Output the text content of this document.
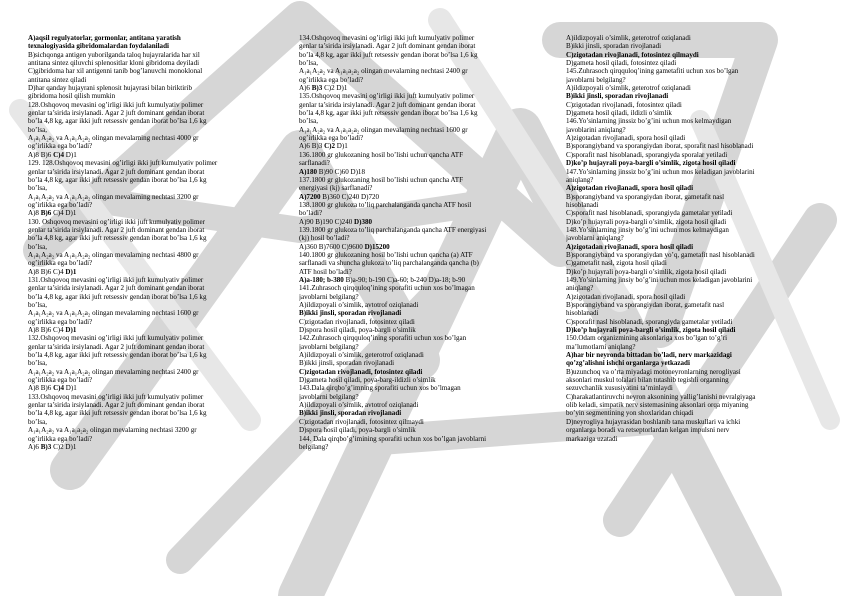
A)aqsil regulyatorlar, gormonlar, antitana yaratish
texnalogiyasida gibridomalardan foydalaniladi
B)sichqonga antigen yuborilganda taloq hujayralarida har xil
antitana sintez qiluvchi splenositlar kloni gibridoma deyiladi
C)gibridoma har xil antigenni tanib bog’lanuvchi monoklonal
antitana sintez qiladi
D)har qanday hujayrani splenosit hujayrasi bilan biriktirib
gibridoma hosil qilish mumkin
128.Oshqovoq mevasini og’irligi ikki juft kumulyativ polimer
genlar ta’sirida irsiylanadi. Agar 2 juft dominant gendan iborat
bo’la 4,8 kg, agar ikki juft retsessiv gendan iborat bo’lsa 1,6 kg
bo’lsa,
A₁a₁A₂a₂ va A₁a₁A₂a₂ olingan mevalarning nechtasi 4000 gr
og’irlikka ega bo’ladi?
A)8 B)6 C)4 D)1
129. 128.Oshqovoq mevasini og’irligi ikki juft kumulyativ polimer
genlar ta’sirida irsiylanadi. Agar 2 juft dominant gendan iborat
bo’la 4,8 kg, agar ikki juft retsessiv gendan iborat bo’lsa 1,6 kg
bo’lsa,
A₁a₁A₂a₂ va A₁a₁A₂a₂ olingan mevalarning nechtasi 3200 gr
og’irlikka ega bo’ladi?
A)8 B)6 C)4 D)1
130. Oshqovoq mevasini og’irligi ikki juft kumulyativ polimer
genlar ta’sirida irsiylanadi. Agar 2 juft dominant gendan iborat
bo’la 4,8 kg, agar ikki juft retsessiv gendan iborat bo’lsa 1,6 kg
bo’lsa,
A₁a₁A₂a₂ va A₁a₁A₂a₂ olingan mevalarning nechtasi 4800 gr
og’irlikka ega bo’ladi?
A)8 B)6 C)4 D)1
131.Oshqovoq mevasini og’irligi ikki juft kumulyativ polimer
genlar ta’sirida irsiylanadi. Agar 2 juft dominant gendan iborat
bo’la 4,8 kg, agar ikki juft retsessiv gendan iborat bo’lsa 1,6 kg
bo’lsa,
A₁a₁A₂a₂ va A₁a₁A₂a₂ olingan mevalarning nechtasi 1600 gr
og’irlikka ega bo’ladi?
A)8 B)6 C)4 D)1
132.Oshqovoq mevasini og’irligi ikki juft kumulyativ polimer
genlar ta’sirida irsiylanadi. Agar 2 juft dominant gendan iborat
bo’la 4,8 kg, agar ikki juft retsessiv gendan iborat bo’lsa 1,6 kg
bo’lsa,
A₁a₁A₂a₂ va A₁a₁A₂a₂ olingan mevalarning nechtasi 2400 gr
og’irlikka ega bo’ladi?
A)8 B)6 C)4 D)1
133.Oshqovoq mevasini og’irligi ikki juft kumulyativ polimer
genlar ta’sirida irsiylanadi. Agar 2 juft dominant gendan iborat
bo’la 4,8 kg, agar ikki juft retsessiv gendan iborat bo’lsa 1,6 kg
bo’lsa,
A₁a₁A₂a₂ va A₁a₁a₂a₂ olingan mevalarning nechtasi 3200 gr
og’irlikka ega bo’ladi?
A)6 B)3 C)2 D)1
134.Oshqovoq mevasini og’irligi ikki juft kumulyativ polimer
genlar ta’sirida irsiylanadi. Agar 2 juft dominant gendan iborat
bo’la 4,8 kg, agar ikki juft retsessiv gendan iborat bo’lsa 1,6 kg
bo’lsa,
A₁a₁A₂a₂ va A₁a₁a₂a₂ olingan mevalarning nechtasi 2400 gr
og’irlikka ega bo’ladi?
A)6 B)3 C)2 D)1
135.Oshqovoq mevasini og’irligi ikki juft kumulyativ polimer
genlar ta’sirida irsiylanadi. Agar 2 juft dominant gendan iborat
bo’la 4,8 kg, agar ikki juft retsessiv gendan iborat bo’lsa 1,6 kg
bo’lsa,
A₁a₁A₂a₂ va A₁a₁a₂a₂ olingan mevalarning nechtasi 1600 gr
og’irlikka ega bo’ladi?
A)6 B)3 C)2 D)1
136.1800 gr glukozaning hosil bo’lishi uchun qancha ATF
sarflanadi?
A)180 B)90 C)60 D)18
137.1800 gr glukozaning hosil bo’lishi uchun qancha ATF
energiyasi (kj) sarflanadi?
A)7200 B)360 C)240 D)720
138.1800 gr glukoza to’liq parchalanganda qancha ATF hosil
bo’ladi?
A)90 B)190 C)240 D)380
139.1800 gr glukoza to’liq parchalanganda qancha ATF energiyasi
(kj) hosil bo’ladi?
A)360 B)7600 C)9600 D)15200
140.1800 gr glukozaning hosil bo’lishi uchun qancha (a) ATF
sarflanadi va shuncha glukoza to’liq parchalanganda qancha (b)
ATF hosil bo’ladi?
A)a-180; b-380 B)a-90; b-190 C)a-60; b-240 D)a-18; b-90
141.Zuhrasoch qirqquloq’ining sporafiti uchun xos bo’lmagan
javoblarni belgilang?
A)ildizpoyali o’simlik, avtotrof oziqlanadi
B)ikki jinsli, sporadan rivojlanadi
C)zigotadan rivojlanadi, fotosintez qiladi
D)spora hosil qiladi, poya-bargli o’simlik
142.Zuhrasoch qirqquloq’ining sporafiti uchun xos bo’lgan
javoblarni belgilang?
A)ildizpoyali o’simlik, geterotrof oziqlanadi
B)ikki jinsli, sporadan rivojlanadi
C)zigotadan rivojlanadi, fotosintez qiladi
D)gameta hosil qiladi, poya-barg-ildizli o’simlik
143.Dala qirqbo’g’imning sporafiti uchun xos bo’lmagan
javoblarni belgilang?
A)ildizpoyali o’simlik, avtotrof oziqlanadi
B)ikki jinsli, sporadan rivojlanadi
C)zigotadan rivojlanadi, fotosintez qilmaydi
D)spora hosil qiladi, poya-bargli o’simlik
144. Dala qirqbo’g’imining sporafiti uchun xos bo’lgan javoblarni
belgilang?
A)ildizpoyali o’simlik, geterotrof oziqlanadi
B)ikki jinsli, sporadan rivojlanadi
C)zigotadan rivojlanadi, fotosintez qilmaydi
D)gameta hosil qiladi, fotosintez qiladi
145.Zuhrasoch qirqquloq’ining gametafiti uchun xos bo’lgan
javoblarni belgilang?
A)ildizpoyali o’simlik, geterotrof oziqlanadi
B)ikki jinsli, sporadan rivojlanadi
C)zigotadan rivojlanadi, fotosintez qiladi
D)gameta hosil qiladi, ildizli o’simlik
146.Yo’sinlarning jinssiz bo’g’ini uchun mos kelmaydigan
javoblarini aniqlang?
A)zigotadan rivojlanadi, spora hosil qiladi
B)sporangiyband va sporangiydan iborat, sporafit nasl hisoblanadi
C)sporafit nasl hisoblanadi, sporangiyda sporalar yetiladi
D)ko’p hujayrali poya-bargli o’simlik, zigota hosil qiladi
147.Yo’sinlarning jinssiz bo’g’ini uchun mos keladigan javoblarini
aniqlang?
A)zigotadan rivojlanadi, spora hosil qiladi
B)sporangiyband va sporangiydan iborat, gametafit nasl
hisoblanadi
C)sporafit nasl hisoblanadi, sporangiyda gametalar yetiladi
D)ko’p hujayrali poya-bargli o’simlik, zigota hosil qiladi
148.Yo’sinlarning jinsiy bo’g’ini uchun mos kelmaydigan
javoblarni aniqlang?
A)zigotadan rivojlanadi, spora hosil qiladi
B)sporangiyband va sporangiydan yo’q, gametafit nasl hisoblanadi
C)gametafit nasl, zigota hosil qiladi
D)ko’p hujayrali poya-bargli o’simlik, zigota hosil qiladi
149.Yo’sinlarning jinsiy bo’g’ini uchun mos keladigan javoblarini
aniqlang?
A)zigotadan rivojlanadi, spora hosil qiladi
B)sporangiyband va sporangiydan iborat, gametafit nasl
hisoblanadi
C)sporafit nasl hisoblanadi, sporangiyda gametalar yetiladi
D)ko’p hujayrali poya-bargli o’simlik, zigota hosil qiladi
150.Odam organizmining aksonlariga xos bo’lgan to’g’ri
ma’lumotlarni aniqlang?
A)har bir neyronda bittadan bo’ladi, nerv markazidagi
qo’zg’alishni ishchi organlarga yetkazadi
B)uzunchoq va o’rta miyadagi motoneyronlarning nerogliyasi
aksonlari muskul tolalari bilan tutashib tegishli organning
sezuvchanlik xususiyatini ta’minlaydi
C)harakatlantiruvchi neyron aksonining yallig’lanishi nevralgiyaga
olib keladi, simpatik nerv sistemasining aksonlari orqa miyaning
bo’yin segmentining yon shoxlaridan chiqadi
D)neyrogliya hujayrasidan boshlanib tana muskullari va ichki
organlarga boradi va retseptorlardan kelgan impulsni nerv
markaziga uzatadi
